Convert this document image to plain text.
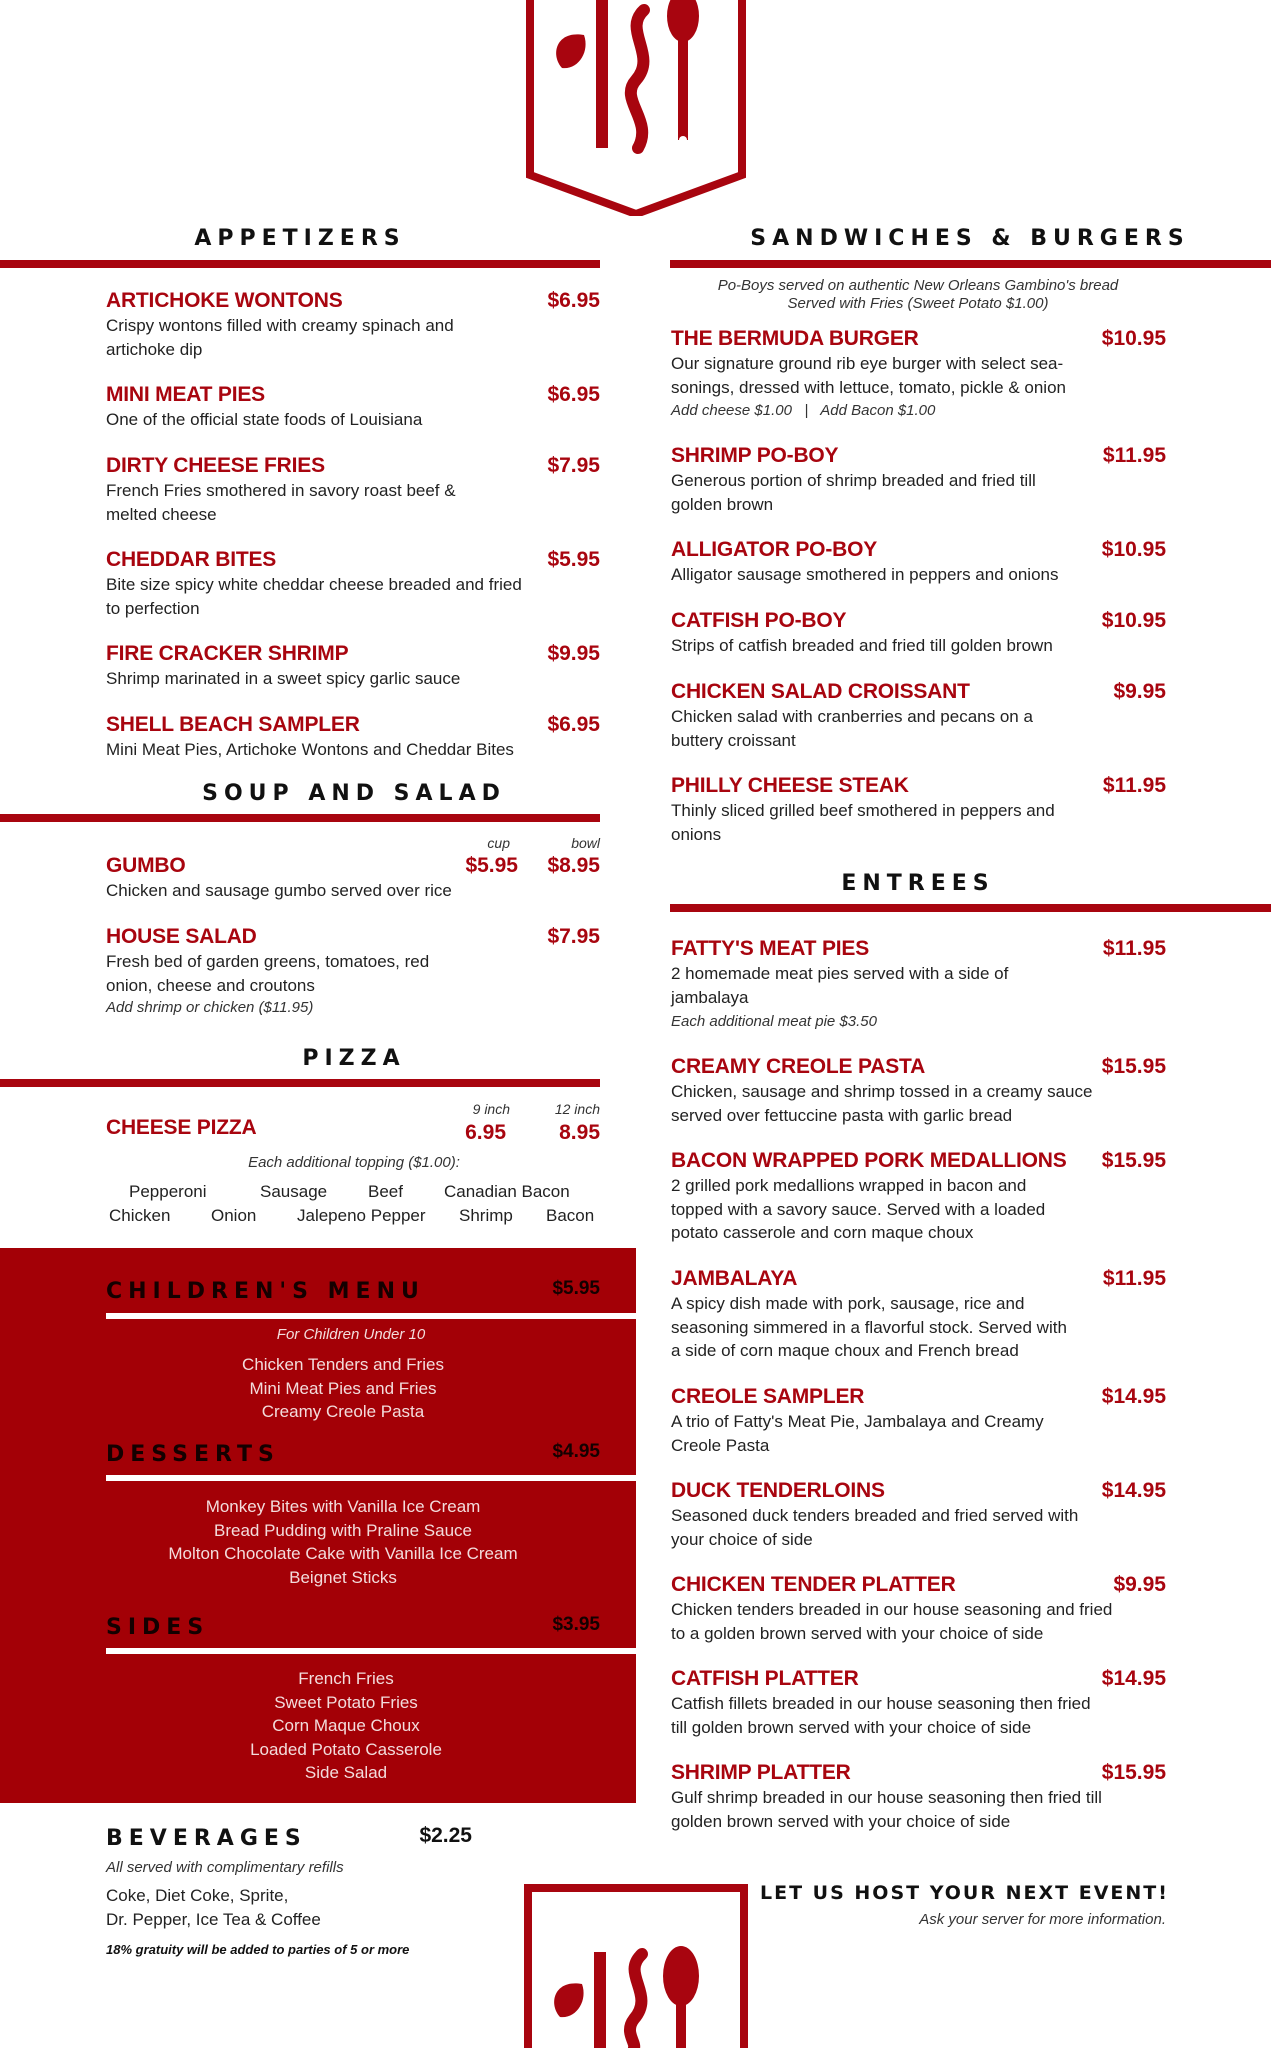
APPETIZERS
ARTICHOKE WONTONS	$6.95
Crispy wontons filled with creamy spinach and artichoke dip
MINI MEAT PIES	$6.95
One of the official state foods of Louisiana
DIRTY CHEESE FRIES	$7.95
French Fries smothered in savory roast beef & melted cheese
CHEDDAR BITES	$5.95
Bite size spicy white cheddar cheese breaded and fried to perfection
FIRE CRACKER SHRIMP	$9.95
Shrimp marinated in a sweet spicy garlic sauce
SHELL BEACH SAMPLER	$6.95
Mini Meat Pies, Artichoke Wontons and Cheddar Bites
SOUP AND SALAD
cup	bowl
GUMBO	$5.95	$8.95
Chicken and sausage gumbo served over rice
HOUSE SALAD	$7.95
Fresh bed of garden greens, tomatoes, red onion, cheese and croutons
Add shrimp or chicken ($11.95)
PIZZA
9 inch	12 inch
CHEESE PIZZA	6.95	8.95
Each additional topping ($1.00):
Pepperoni	Sausage Beef Canadian Bacon
Chicken Onion Jalepeno Pepper Shrimp Bacon
CHILDREN'S MENU	$5.95
For Children Under 10
Chicken Tenders and Fries
Mini Meat Pies and Fries
Creamy Creole Pasta
DESSERTS	$4.95
Monkey Bites with Vanilla Ice Cream
Bread Pudding with Praline Sauce
Molton Chocolate Cake with Vanilla Ice Cream
Beignet Sticks
SIDES	$3.95
French Fries
Sweet Potato Fries
Corn Maque Choux
Loaded Potato Casserole
Side Salad
BEVERAGES	$2.25
All served with complimentary refills
Coke, Diet Coke, Sprite,
Dr. Pepper, Ice Tea & Coffee
18% gratuity will be added to parties of 5 or more
SANDWICHES & BURGERS
Po-Boys served on authentic New Orleans Gambino's bread
Served with Fries (Sweet Potato $1.00)
THE BERMUDA BURGER	$10.95
Our signature ground rib eye burger with select sea-sonings, dressed with lettuce, tomato, pickle & onion
Add cheese $1.00   |   Add Bacon $1.00
SHRIMP PO-BOY	$11.95
Generous portion of shrimp breaded and fried till golden brown
ALLIGATOR PO-BOY	$10.95
Alligator sausage smothered in peppers and onions
CATFISH PO-BOY	$10.95
Strips of catfish breaded and fried till golden brown
CHICKEN SALAD CROISSANT	$9.95
Chicken salad with cranberries and pecans on a buttery croissant
PHILLY CHEESE STEAK	$11.95
Thinly sliced grilled beef smothered in peppers and onions
ENTREES
FATTY'S MEAT PIES	$11.95
2 homemade meat pies served with a side of jambalaya
Each additional meat pie $3.50
CREAMY CREOLE PASTA	$15.95
Chicken, sausage and shrimp tossed in a creamy sauce served over fettuccine pasta with garlic bread
BACON WRAPPED PORK MEDALLIONS	$15.95
2 grilled pork medallions wrapped in bacon and topped with a savory sauce. Served with a loaded potato casserole and corn maque choux
JAMBALAYA	$11.95
A spicy dish made with pork, sausage, rice and seasoning simmered in a flavorful stock. Served with a side of corn maque choux and French bread
CREOLE SAMPLER	$14.95
A trio of Fatty's Meat Pie, Jambalaya and Creamy Creole Pasta
DUCK TENDERLOINS	$14.95
Seasoned duck tenders breaded and fried served with your choice of side
CHICKEN TENDER PLATTER	$9.95
Chicken tenders breaded in our house seasoning and fried to a golden brown served with your choice of side
CATFISH PLATTER	$14.95
Catfish fillets breaded in our house seasoning then fried till golden brown served with your choice of side
SHRIMP PLATTER	$15.95
Gulf shrimp breaded in our house seasoning then fried till golden brown served with your choice of side
LET US HOST YOUR NEXT EVENT!
Ask your server for more information.
